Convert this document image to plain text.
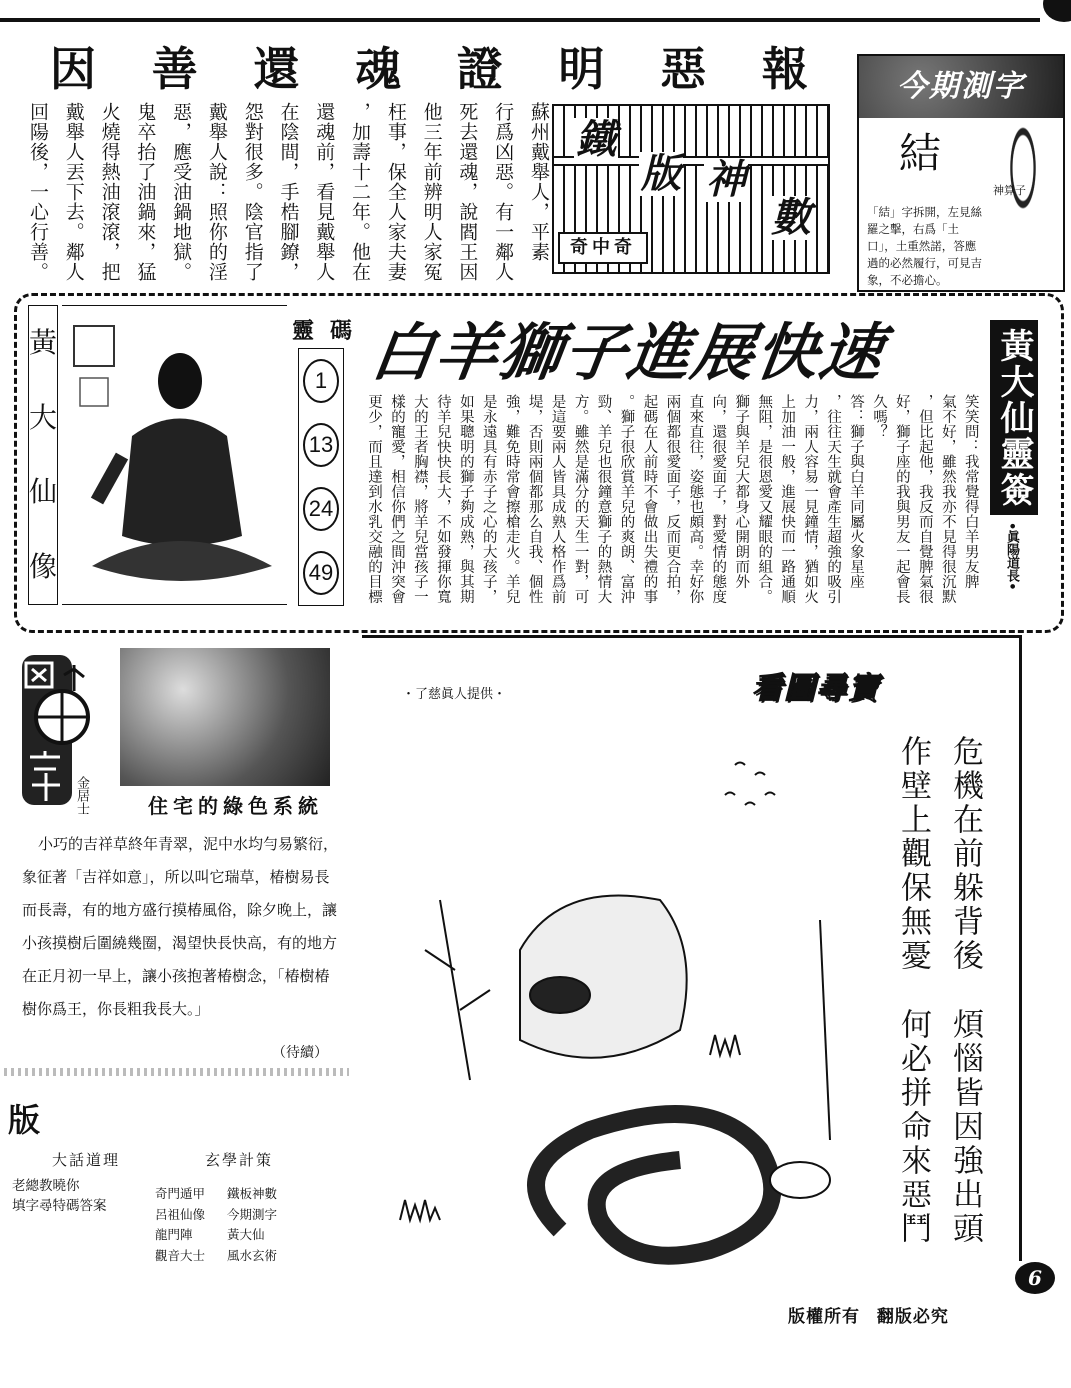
因 善 還 魂 證 明 惡 報
蘇州戴舉人，平素
行爲凶惡。有一鄰人
死去還魂，說閻王因
他三年前辨明人家冤
枉事，保全人家夫妻
，加壽十二年。他在
還魂前，看見戴舉人
在陰間，手梏腳鐐，
怨對很多。陰官指了
戴舉人說：照你的淫
惡，應受油鍋地獄。
鬼卒抬了油鍋來，猛
火燒得熱油滾滾，把
戴舉人丟下去。鄰人
回陽後，一心行善。	鐵
版 神
數
奇中奇
今期測字
結
神算子
「結」字拆開，左見絲羅之擊，右爲「土口」，土重然諾，答應過的必然履行，可見吉象，不必擔心。
黃
大
仙
像
靈 碼
1
13
24
49
白羊獅子進展快速
笑笑問：我常覺得白羊男友脾
氣不好，雖然我亦不見得很沉默
，但比起他，我反而自覺脾氣很
好，獅子座的我與男友一起會長
久嗎？
答：獅子與白羊同屬火象星座
，往往天生就會產生超強的吸引
力，兩人容易一見鐘情，猶如火
上加油一般，進展快而一路通順
無阻，是很恩愛又耀眼的組合。
獅子與羊兒大都身心開朗而外
向，還很愛面子，對愛情的態度
直來直往，姿態也頗高。幸好你
兩個都很愛面子，反而更合拍，
起碼在人前時不會做出失禮的事
。獅子很欣賞羊兒的爽朗、富沖
勁、羊兒也很鐘意獅子的熱情大
方。雖然是滿分的天生一對，可
是這要兩人皆具成熟人格作爲前
堤，否則兩個都那么自我、個性
強，難免時常會擦槍走火。羊兒
是永遠具有赤子之心的大孩子，
如果聰明的獅子夠成熟，與其期
待羊兒快快長大，不如發揮你寬
大的王者胸襟，將羊兒當孩子一
樣的寵愛，相信你們之間沖突會
更少，而且達到水乳交融的目標	黃大仙靈簽
•眞陽道長•
金居士	住宅的綠色系統
小巧的吉祥草終年青翠，泥中水均勻易繁衍，象征著「吉祥如意」，所以叫它瑞草，椿樹易長而長壽，有的地方盛行摸椿風俗，除夕晚上，讓小孩摸樹后圍繞幾圈，渴望快長快高，有的地方在正月初一早上，讓小孩抱著椿樹念，「椿樹椿樹你爲王，你長粗我長大。」
（待續）
版
大話道理	玄學計策
老總教曉你
填字尋特碼答案
奇門遁甲	鐵板神數
呂祖仙像	今期測字
龍門陣	黃大仙
觀音大士	風水玄術
・了慈眞人提供・	看圖尋寶
危機在前躲背後
作壁上觀保無憂
煩惱皆因強出頭
何必拼命來惡鬥
6
版權所有 翻版必究
